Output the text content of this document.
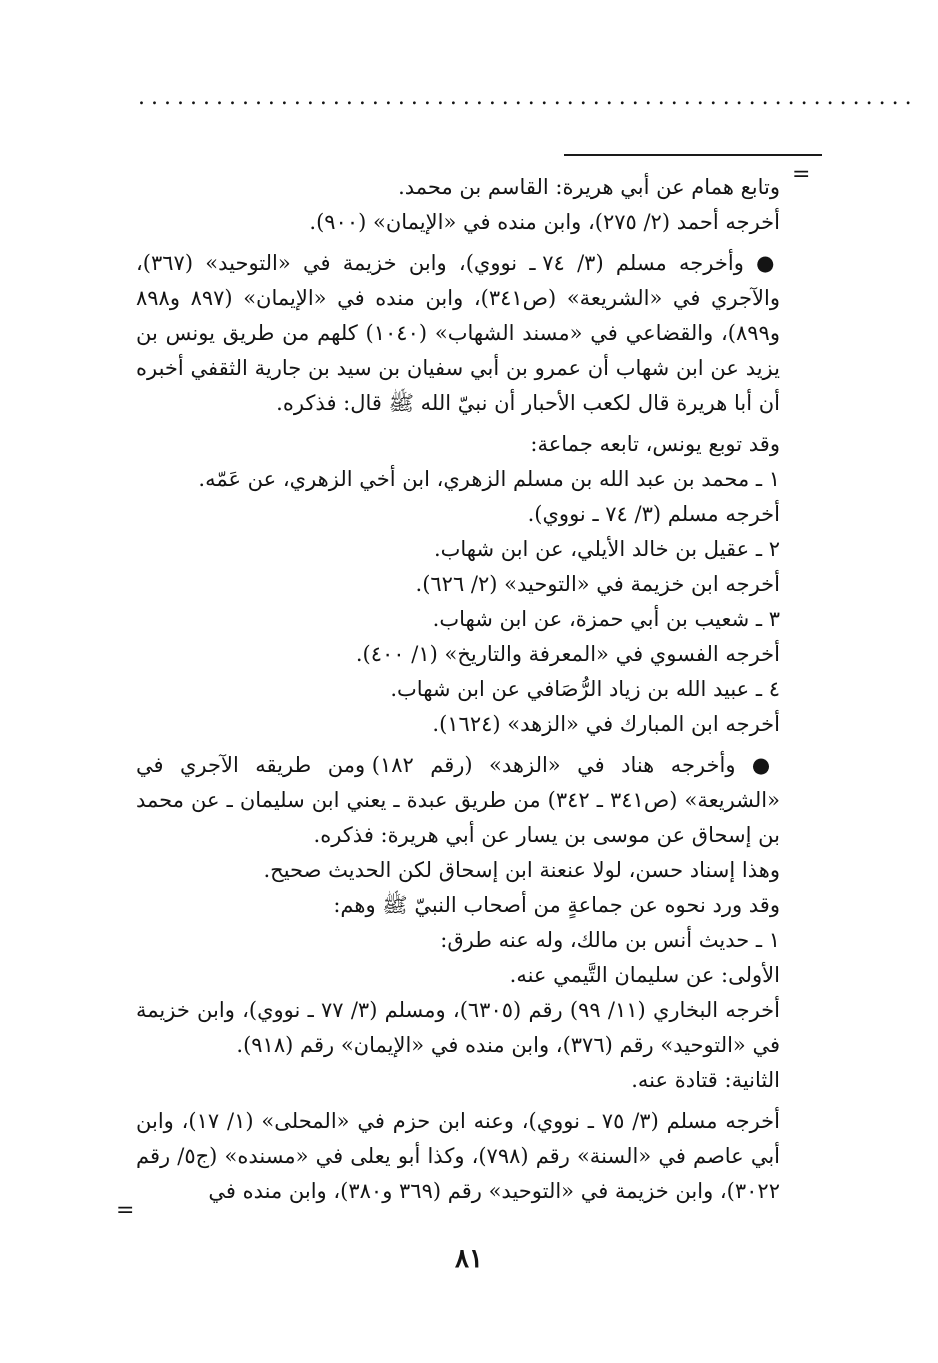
............................................................
=

وتابع همام عن أبي هريرة: القاسم بن محمد.

أخرجه أحمد (٢/ ٢٧٥)، وابن منده في «الإيمان» (٩٠٠).

● وأخرجه مسلم (٣/ ٧٤ ـ نووي)، وابن خزيمة في «التوحيد» (٣٦٧)، والآجري في «الشريعة» (ص٣٤١)، وابن منده في «الإيمان» (٨٩٧ و٨٩٨ و٨٩٩)، والقضاعي في «مسند الشهاب» (١٠٤٠) كلهم من طريق يونس بن يزيد عن ابن شهاب أن عمرو بن أبي سفيان بن سيد بن جارية الثقفي أخبره أن أبا هريرة قال لكعب الأحبار أن نبيّ الله ﷺ قال: فذكره.

وقد توبع يونس، تابعه جماعة:

١ ـ محمد بن عبد الله بن مسلم الزهري، ابن أخي الزهري، عن عَمّه.

أخرجه مسلم (٣/ ٧٤ ـ نووي).

٢ ـ عقيل بن خالد الأيلي، عن ابن شهاب.

أخرجه ابن خزيمة في «التوحيد» (٢/ ٦٢٦).

٣ ـ شعيب بن أبي حمزة، عن ابن شهاب.

أخرجه الفسوي في «المعرفة والتاريخ» (١/ ٤٠٠).

٤ ـ عبيد الله بن زياد الرُّصَافي عن ابن شهاب.

أخرجه ابن المبارك في «الزهد» (١٦٢٤).

● وأخرجه هناد في «الزهد» (رقم ١٨٢) ومن طريقه الآجري في «الشريعة» (ص٣٤١ ـ ٣٤٢) من طريق عبدة ـ يعني ابن سليمان ـ عن محمد بن إسحاق عن موسى بن يسار عن أبي هريرة: فذكره.

وهذا إسناد حسن، لولا عنعنة ابن إسحاق لكن الحديث صحيح.

وقد ورد نحوه عن جماعةٍ من أصحاب النبيّ ﷺ وهم:

١ ـ حديث أنس بن مالك، وله عنه طرق:

الأولى: عن سليمان التَّيمي عنه.

أخرجه البخاري (١١/ ٩٩) رقم (٦٣٠٥)، ومسلم (٣/ ٧٧ ـ نووي)، وابن خزيمة في «التوحيد» رقم (٣٧٦)، وابن منده في «الإيمان» رقم (٩١٨).

الثانية: قتادة عنه.

أخرجه مسلم (٣/ ٧٥ ـ نووي)، وعنه ابن حزم في «المحلى» (١/ ١٧)، وابن أبي عاصم في «السنة» رقم (٧٩٨)، وكذا أبو يعلى في «مسنده» (ج٥/ رقم ٣٠٢٢)، وابن خزيمة في «التوحيد» رقم (٣٦٩ و٣٨٠)، وابن منده في

=
٨١
